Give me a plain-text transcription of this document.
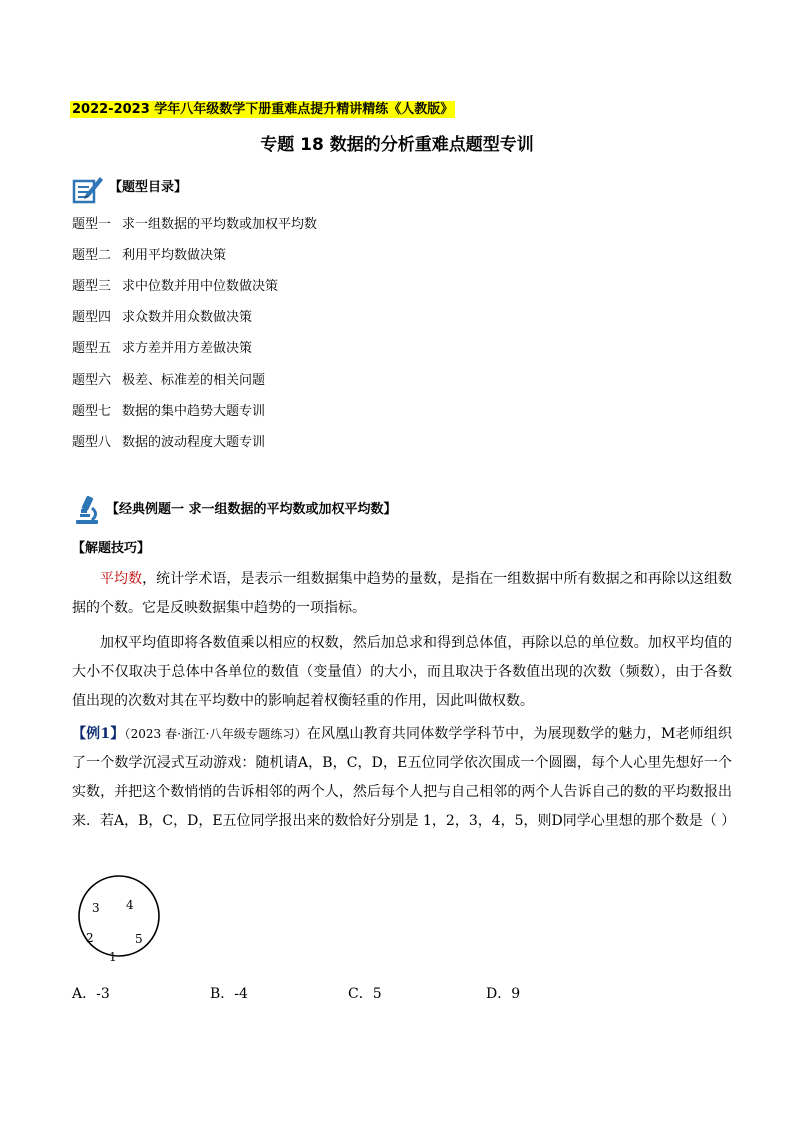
2022-2023 学年八年级数学下册重难点提升精讲精练《人教版》
专题 18 数据的分析重难点题型专训
【题型目录】
题型一 求一组数据的平均数或加权平均数
题型二 利用平均数做决策
题型三 求中位数并用中位数做决策
题型四 求众数并用众数做决策
题型五 求方差并用方差做决策
题型六 极差、标准差的相关问题
题型七 数据的集中趋势大题专训
题型八 数据的波动程度大题专训
【经典例题一 求一组数据的平均数或加权平均数】
【解题技巧】
平均数，统计学术语，是表示一组数据集中趋势的量数，是指在一组数据中所有数据之和再除以这组数据的个数。它是反映数据集中趋势的一项指标。
加权平均值即将各数值乘以相应的权数，然后加总求和得到总体值，再除以总的单位数。加权平均值的大小不仅取决于总体中各单位的数值（变量值）的大小，而且取决于各数值出现的次数（频数），由于各数值出现的次数对其在平均数中的影响起着权衡轻重的作用，因此叫做权数。
【例1】（2023 春·浙江·八年级专题练习）在风凰山教育共同体数学学科节中，为展现数学的魅力，M老师组织了一个数学沉浸式互动游戏：随机请A，B，C，D，E五位同学依次围成一个圆圈，每个人心里先想好一个实数，并把这个数悄悄的告诉相邻的两个人，然后每个人把与自己相邻的两个人告诉自己的数的平均数报出来．若A，B，C，D，E五位同学报出来的数恰好分别是 1，2，3，4，5，则D同学心里想的那个数是（ ）
3 4
2	5
1
A．-3	B．-4	C．5	D．9
